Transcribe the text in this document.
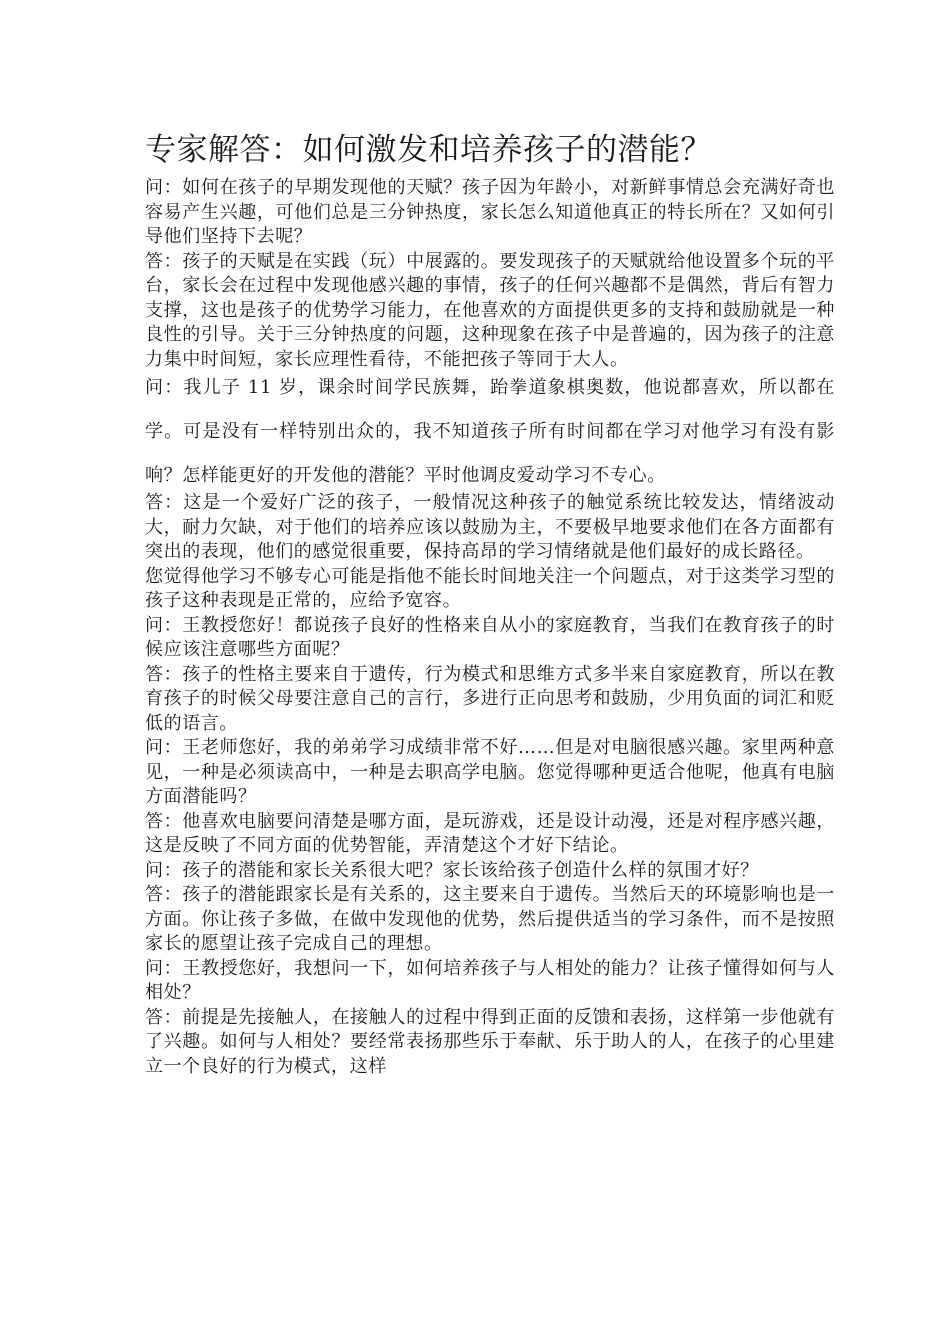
专家解答：如何激发和培养孩子的潜能？

问：如何在孩子的早期发现他的天赋？孩子因为年龄小，对新鲜事情总会充满好奇也容易产生兴趣，可他们总是三分钟热度，家长怎么知道他真正的特长所在？又如何引导他们坚持下去呢？

答：孩子的天赋是在实践（玩）中展露的。要发现孩子的天赋就给他设置多个玩的平台，家长会在过程中发现他感兴趣的事情，孩子的任何兴趣都不是偶然，背后有智力支撑，这也是孩子的优势学习能力，在他喜欢的方面提供更多的支持和鼓励就是一种良性的引导。关于三分钟热度的问题，这种现象在孩子中是普遍的，因为孩子的注意力集中时间短，家长应理性看待，不能把孩子等同于大人。

问：我儿子 11 岁，课余时间学民族舞，跆拳道象棋奥数，他说都喜欢，所以都在学。可是没有一样特别出众的，我不知道孩子所有时间都在学习对他学习有没有影响？怎样能更好的开发他的潜能？平时他调皮爱动学习不专心。

答：这是一个爱好广泛的孩子，一般情况这种孩子的触觉系统比较发达，情绪波动大，耐力欠缺，对于他们的培养应该以鼓励为主，不要极早地要求他们在各方面都有突出的表现，他们的感觉很重要，保持高昂的学习情绪就是他们最好的成长路径。

您觉得他学习不够专心可能是指他不能长时间地关注一个问题点，对于这类学习型的孩子这种表现是正常的，应给予宽容。

问：王教授您好！都说孩子良好的性格来自从小的家庭教育，当我们在教育孩子的时候应该注意哪些方面呢？

答：孩子的性格主要来自于遗传，行为模式和思维方式多半来自家庭教育，所以在教育孩子的时候父母要注意自己的言行，多进行正向思考和鼓励，少用负面的词汇和贬低的语言。

问：王老师您好，我的弟弟学习成绩非常不好……但是对电脑很感兴趣。家里两种意见，一种是必须读高中，一种是去职高学电脑。您觉得哪种更适合他呢，他真有电脑方面潜能吗？

答：他喜欢电脑要问清楚是哪方面，是玩游戏，还是设计动漫，还是对程序感兴趣，这是反映了不同方面的优势智能，弄清楚这个才好下结论。

问：孩子的潜能和家长关系很大吧？家长该给孩子创造什么样的氛围才好？

答：孩子的潜能跟家长是有关系的，这主要来自于遗传。当然后天的环境影响也是一方面。你让孩子多做，在做中发现他的优势，然后提供适当的学习条件，而不是按照家长的愿望让孩子完成自己的理想。

问：王教授您好，我想问一下，如何培养孩子与人相处的能力？让孩子懂得如何与人相处？

答：前提是先接触人，在接触人的过程中得到正面的反馈和表扬，这样第一步他就有了兴趣。如何与人相处？要经常表扬那些乐于奉献、乐于助人的人，在孩子的心里建立一个良好的行为模式，这样
